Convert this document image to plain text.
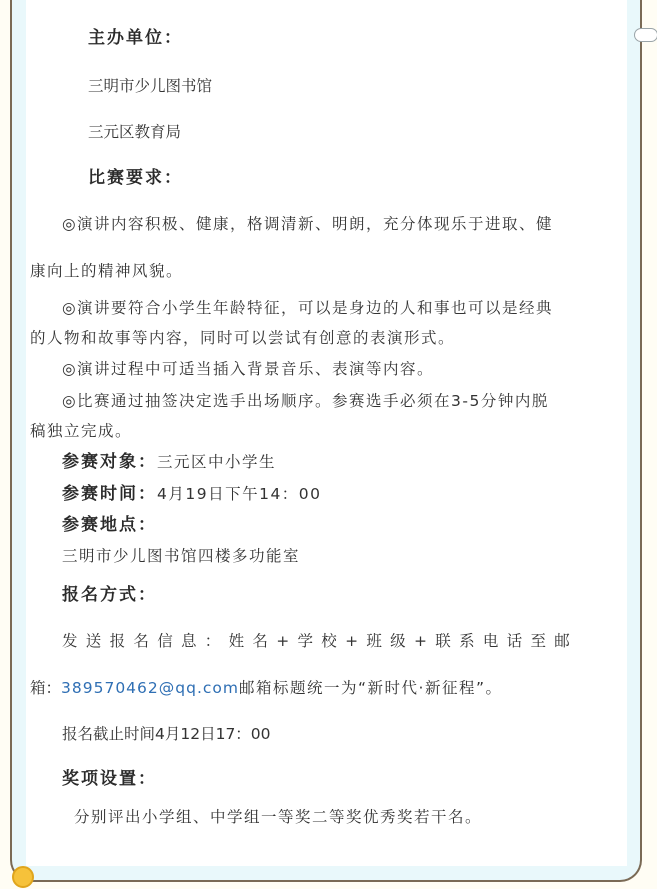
主办单位：
三明市少儿图书馆
三元区教育局
比赛要求：
◎演讲内容积极、健康，格调清新、明朗，充分体现乐于进取、健
康向上的精神风貌。
◎演讲要符合小学生年龄特征，可以是身边的人和事也可以是经典
的人物和故事等内容，同时可以尝试有创意的表演形式。
◎演讲过程中可适当插入背景音乐、表演等内容。
◎比赛通过抽签决定选手出场顺序。参赛选手必须在3-5分钟内脱
稿独立完成。
参赛对象：三元区中小学生
参赛时间：4月19日下午14：00
参赛地点：
三明市少儿图书馆四楼多功能室
报名方式：
发送报名信息：姓名+学校+班级+联系电话至邮
箱：389570462@qq.com邮箱标题统一为“新时代·新征程”。
报名截止时间4月12日17：00
奖项设置：
分别评出小学组、中学组一等奖二等奖优秀奖若干名。
